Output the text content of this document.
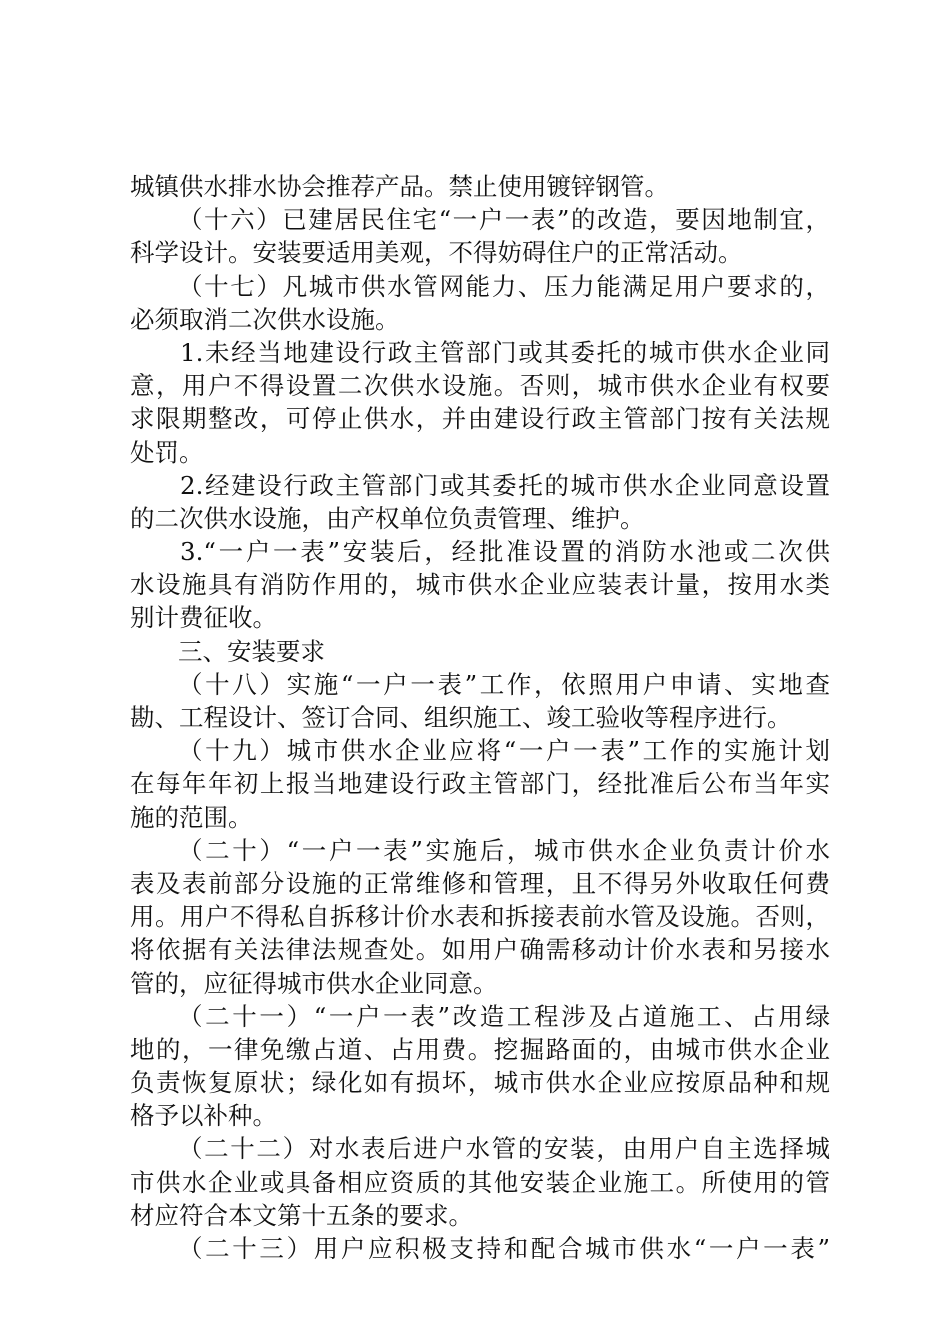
城镇供水排水协会推荐产品。禁止使用镀锌钢管。
（十六）已建居民住宅“一户一表”的改造，要因地制宜，
科学设计。安装要适用美观，不得妨碍住户的正常活动。
（十七）凡城市供水管网能力、压力能满足用户要求的，
必须取消二次供水设施。
1.未经当地建设行政主管部门或其委托的城市供水企业同
意，用户不得设置二次供水设施。否则，城市供水企业有权要
求限期整改，可停止供水，并由建设行政主管部门按有关法规
处罚。
2.经建设行政主管部门或其委托的城市供水企业同意设置
的二次供水设施，由产权单位负责管理、维护。
3.“一户一表”安装后，经批准设置的消防水池或二次供
水设施具有消防作用的，城市供水企业应装表计量，按用水类
别计费征收。
三、安装要求
（十八）实施“一户一表”工作，依照用户申请、实地查
勘、工程设计、签订合同、组织施工、竣工验收等程序进行。
（十九）城市供水企业应将“一户一表”工作的实施计划
在每年年初上报当地建设行政主管部门，经批准后公布当年实
施的范围。
（二十）“一户一表”实施后，城市供水企业负责计价水
表及表前部分设施的正常维修和管理，且不得另外收取任何费
用。用户不得私自拆移计价水表和拆接表前水管及设施。否则，
将依据有关法律法规查处。如用户确需移动计价水表和另接水
管的，应征得城市供水企业同意。
（二十一）“一户一表”改造工程涉及占道施工、占用绿
地的，一律免缴占道、占用费。挖掘路面的，由城市供水企业
负责恢复原状；绿化如有损坏，城市供水企业应按原品种和规
格予以补种。
（二十二）对水表后进户水管的安装，由用户自主选择城
市供水企业或具备相应资质的其他安装企业施工。所使用的管
材应符合本文第十五条的要求。
（二十三）用户应积极支持和配合城市供水“一户一表”
